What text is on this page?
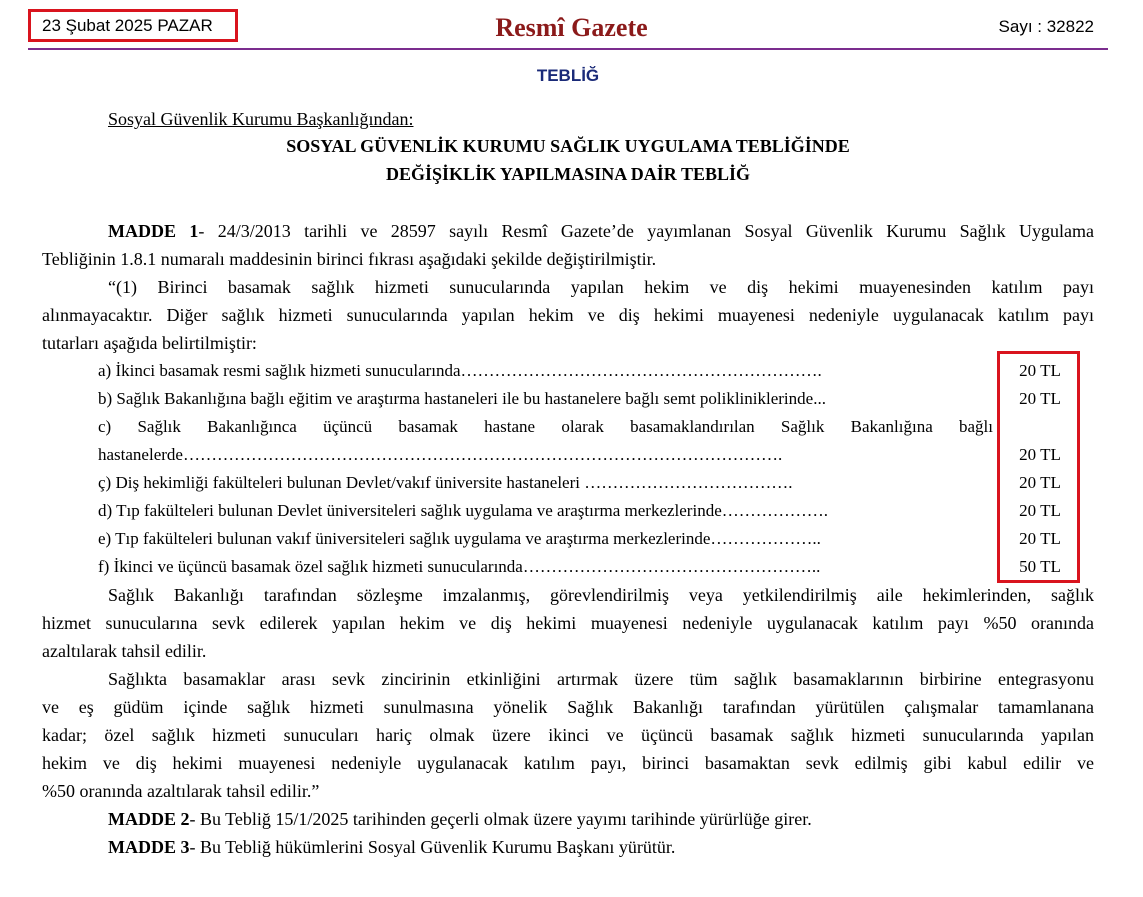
23 Şubat 2025 PAZAR	Resmî Gazete	Sayı : 32822
TEBLİĞ
Sosyal Güvenlik Kurumu Başkanlığından:
SOSYAL GÜVENLİK KURUMU SAĞLIK UYGULAMA TEBLİĞİNDE
DEĞİŞİKLİK YAPILMASINA DAİR TEBLİĞ
MADDE 1- 24/3/2013 tarihli ve 28597 sayılı Resmî Gazete’de yayımlanan Sosyal Güvenlik Kurumu Sağlık Uygulama
Tebliğinin 1.8.1 numaralı maddesinin birinci fıkrası aşağıdaki şekilde değiştirilmiştir.
“(1) Birinci basamak sağlık hizmeti sunucularında yapılan hekim ve diş hekimi muayenesinden katılım payı
alınmayacaktır. Diğer sağlık hizmeti sunucularında yapılan hekim ve diş hekimi muayenesi nedeniyle uygulanacak katılım payı
tutarları aşağıda belirtilmiştir:
a) İkinci basamak resmi sağlık hizmeti sunucularında……………………………………………………….	20 TL
b) Sağlık Bakanlığına bağlı eğitim ve araştırma hastaneleri ile bu hastanelere bağlı semt polikliniklerinde...	20 TL
c) Sağlık Bakanlığınca üçüncü basamak hastane olarak basamaklandırılan Sağlık Bakanlığına bağlı
hastanelerde…………………………………………………………………………………………….	20 TL
ç) Diş hekimliği fakülteleri bulunan Devlet/vakıf üniversite hastaneleri ……………………………….	20 TL
d) Tıp fakülteleri bulunan Devlet üniversiteleri sağlık uygulama ve araştırma merkezlerinde……………….	20 TL
e) Tıp fakülteleri bulunan vakıf üniversiteleri sağlık uygulama ve araştırma merkezlerinde………………..	20 TL
f) İkinci ve üçüncü basamak özel sağlık hizmeti sunucularında……………………………………………..	50 TL
Sağlık Bakanlığı tarafından sözleşme imzalanmış, görevlendirilmiş veya yetkilendirilmiş aile hekimlerinden, sağlık
hizmet sunucularına sevk edilerek yapılan hekim ve diş hekimi muayenesi nedeniyle uygulanacak katılım payı %50 oranında
azaltılarak tahsil edilir.
Sağlıkta basamaklar arası sevk zincirinin etkinliğini artırmak üzere tüm sağlık basamaklarının birbirine entegrasyonu
ve eş güdüm içinde sağlık hizmeti sunulmasına yönelik Sağlık Bakanlığı tarafından yürütülen çalışmalar tamamlanana
kadar; özel sağlık hizmeti sunucuları hariç olmak üzere ikinci ve üçüncü basamak sağlık hizmeti sunucularında yapılan
hekim ve diş hekimi muayenesi nedeniyle uygulanacak katılım payı, birinci basamaktan sevk edilmiş gibi kabul edilir ve
%50 oranında azaltılarak tahsil edilir.”
MADDE 2- Bu Tebliğ 15/1/2025 tarihinden geçerli olmak üzere yayımı tarihinde yürürlüğe girer.
MADDE 3- Bu Tebliğ hükümlerini Sosyal Güvenlik Kurumu Başkanı yürütür.
